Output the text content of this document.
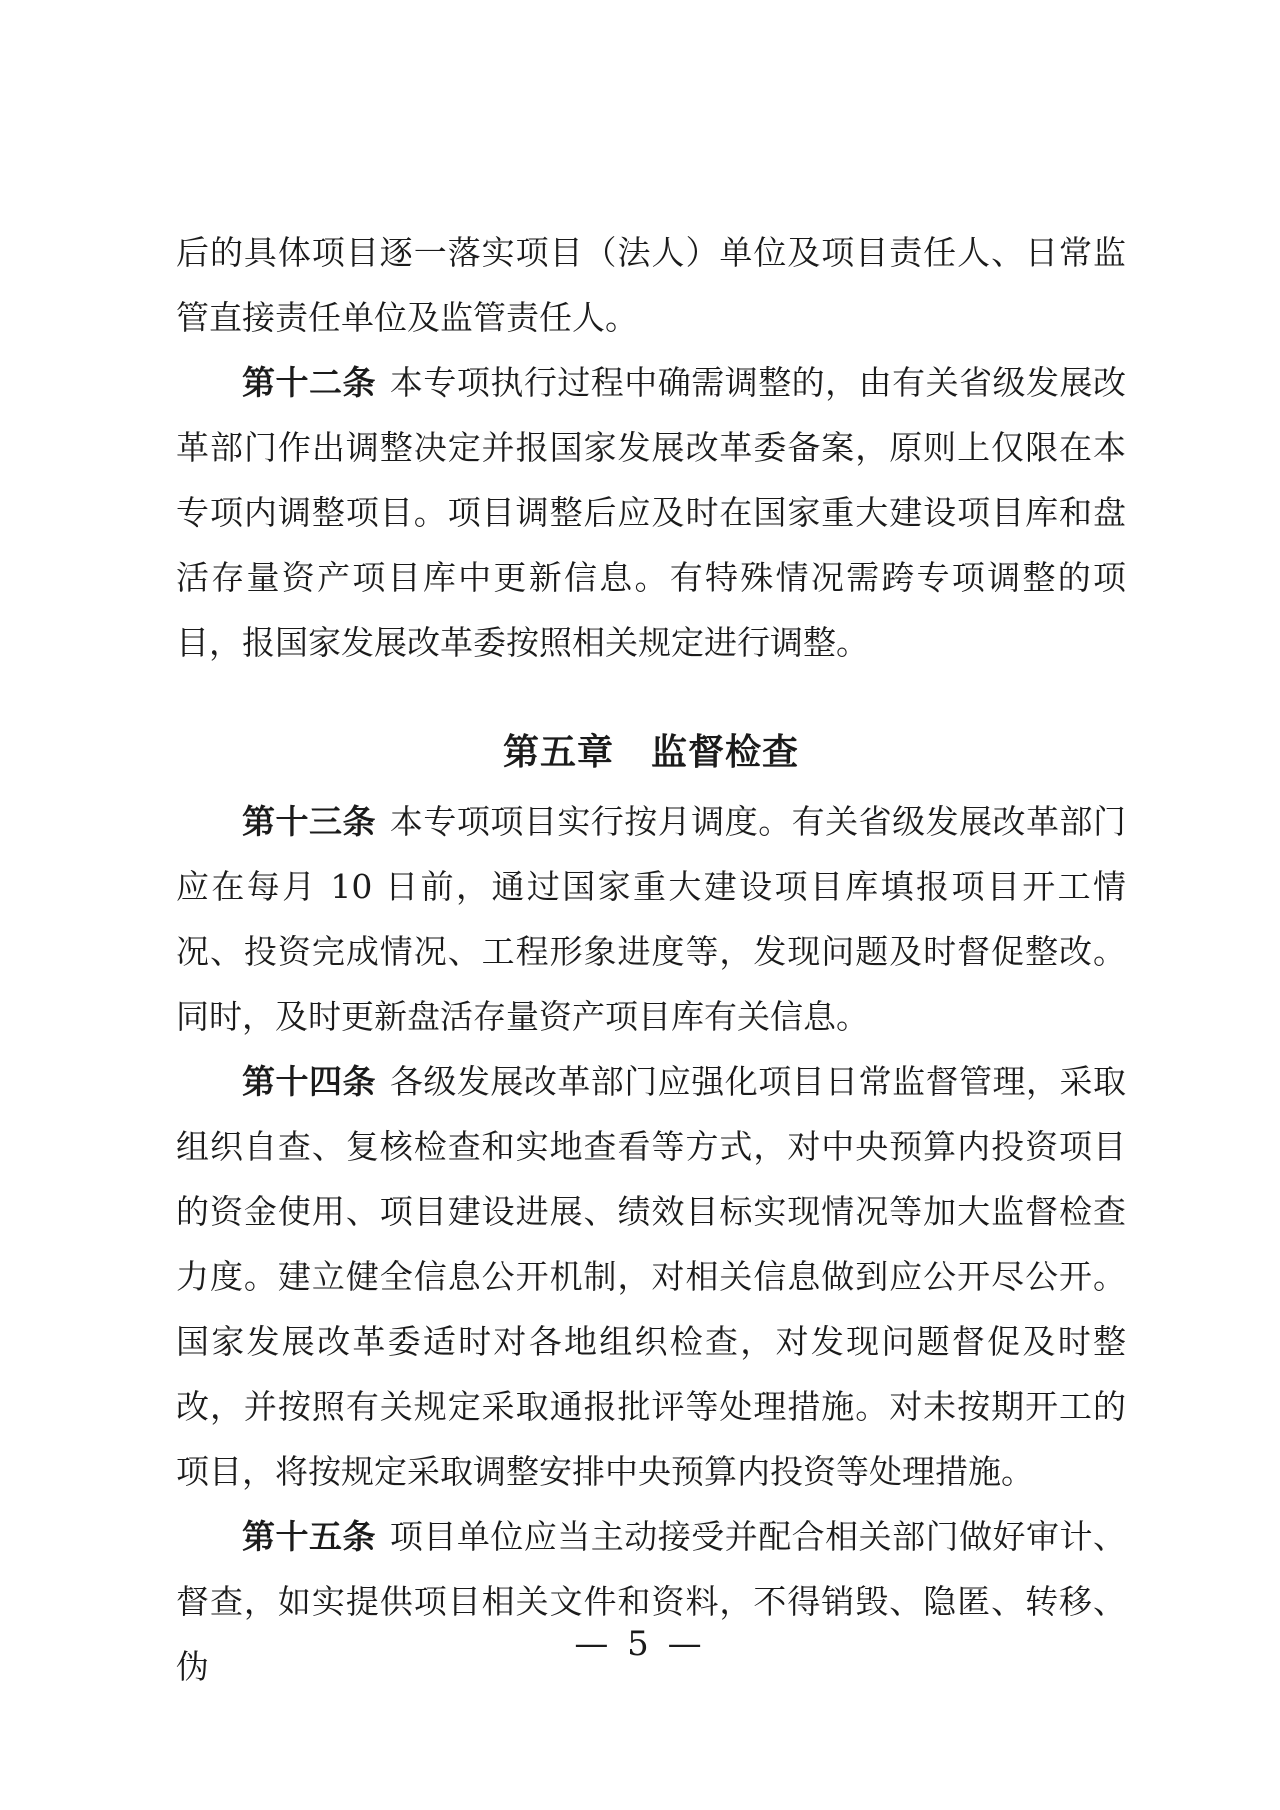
后的具体项目逐一落实项目（法人）单位及项目责任人、日常监管直接责任单位及监管责任人。

第十二条 本专项执行过程中确需调整的，由有关省级发展改革部门作出调整决定并报国家发展改革委备案，原则上仅限在本专项内调整项目。项目调整后应及时在国家重大建设项目库和盘活存量资产项目库中更新信息。有特殊情况需跨专项调整的项目，报国家发展改革委按照相关规定进行调整。

第五章　监督检查

第十三条 本专项项目实行按月调度。有关省级发展改革部门应在每月 10 日前，通过国家重大建设项目库填报项目开工情况、投资完成情况、工程形象进度等，发现问题及时督促整改。同时，及时更新盘活存量资产项目库有关信息。

第十四条 各级发展改革部门应强化项目日常监督管理，采取组织自查、复核检查和实地查看等方式，对中央预算内投资项目的资金使用、项目建设进展、绩效目标实现情况等加大监督检查力度。建立健全信息公开机制，对相关信息做到应公开尽公开。国家发展改革委适时对各地组织检查，对发现问题督促及时整改，并按照有关规定采取通报批评等处理措施。对未按期开工的项目，将按规定采取调整安排中央预算内投资等处理措施。

第十五条 项目单位应当主动接受并配合相关部门做好审计、督查，如实提供项目相关文件和资料，不得销毁、隐匿、转移、伪

— 5 —
